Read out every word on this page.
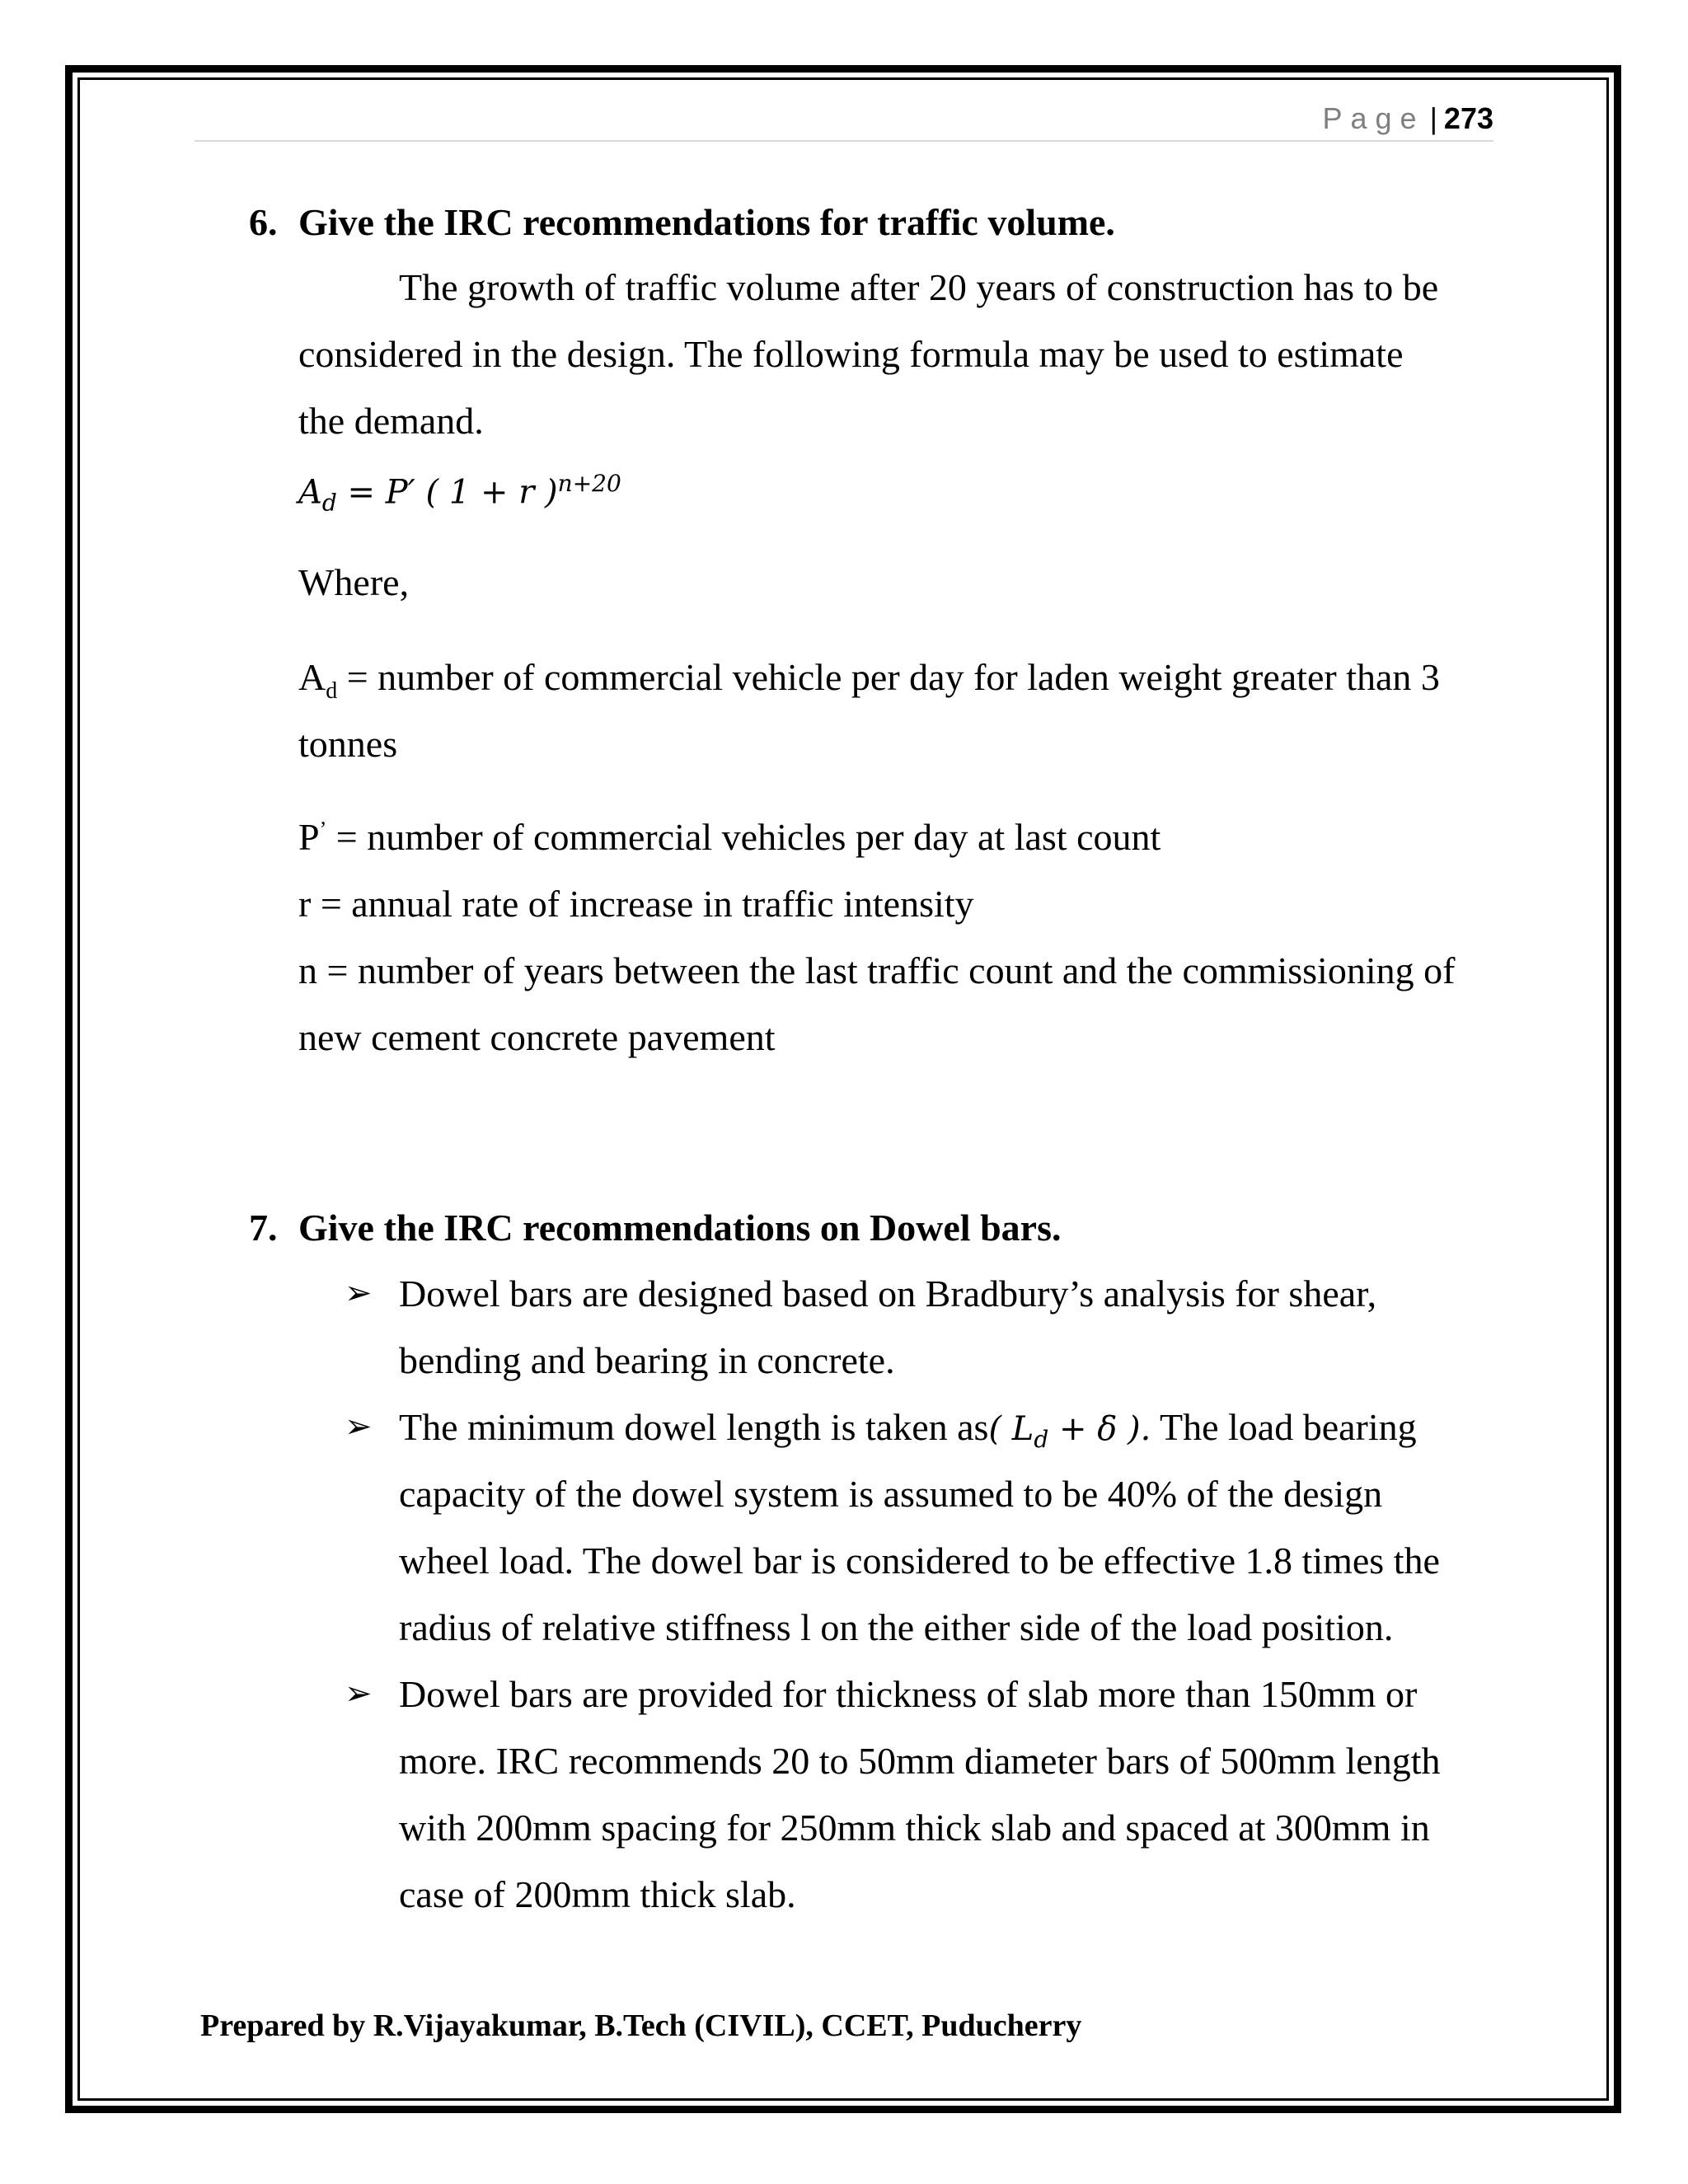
Page | 273
6. Give the IRC recommendations for traffic volume.
The growth of traffic volume after 20 years of construction has to be
considered in the design. The following formula may be used to estimate
the demand.
$A_d = P'$ ( 1 + r )$^{n+20}$
Where,
$A_d$ = number of commercial vehicle per day for laden weight greater than 3
tonnes
P’ = number of commercial vehicles per day at last count
r = annual rate of increase in traffic intensity
n = number of years between the last traffic count and the commissioning of
new cement concrete pavement
7. Give the IRC recommendations on Dowel bars.
➢ Dowel bars are designed based on Bradbury’s analysis for shear,
bending and bearing in concrete.
➢ The minimum dowel length is taken as( $L_d + \delta$ ). The load bearing
capacity of the dowel system is assumed to be 40% of the design
wheel load. The dowel bar is considered to be effective 1.8 times the
radius of relative stiffness l on the either side of the load position.
➢ Dowel bars are provided for thickness of slab more than 150mm or
more. IRC recommends 20 to 50mm diameter bars of 500mm length
with 200mm spacing for 250mm thick slab and spaced at 300mm in
case of 200mm thick slab.
Prepared by R.Vijayakumar, B.Tech (CIVIL), CCET, Puducherry
